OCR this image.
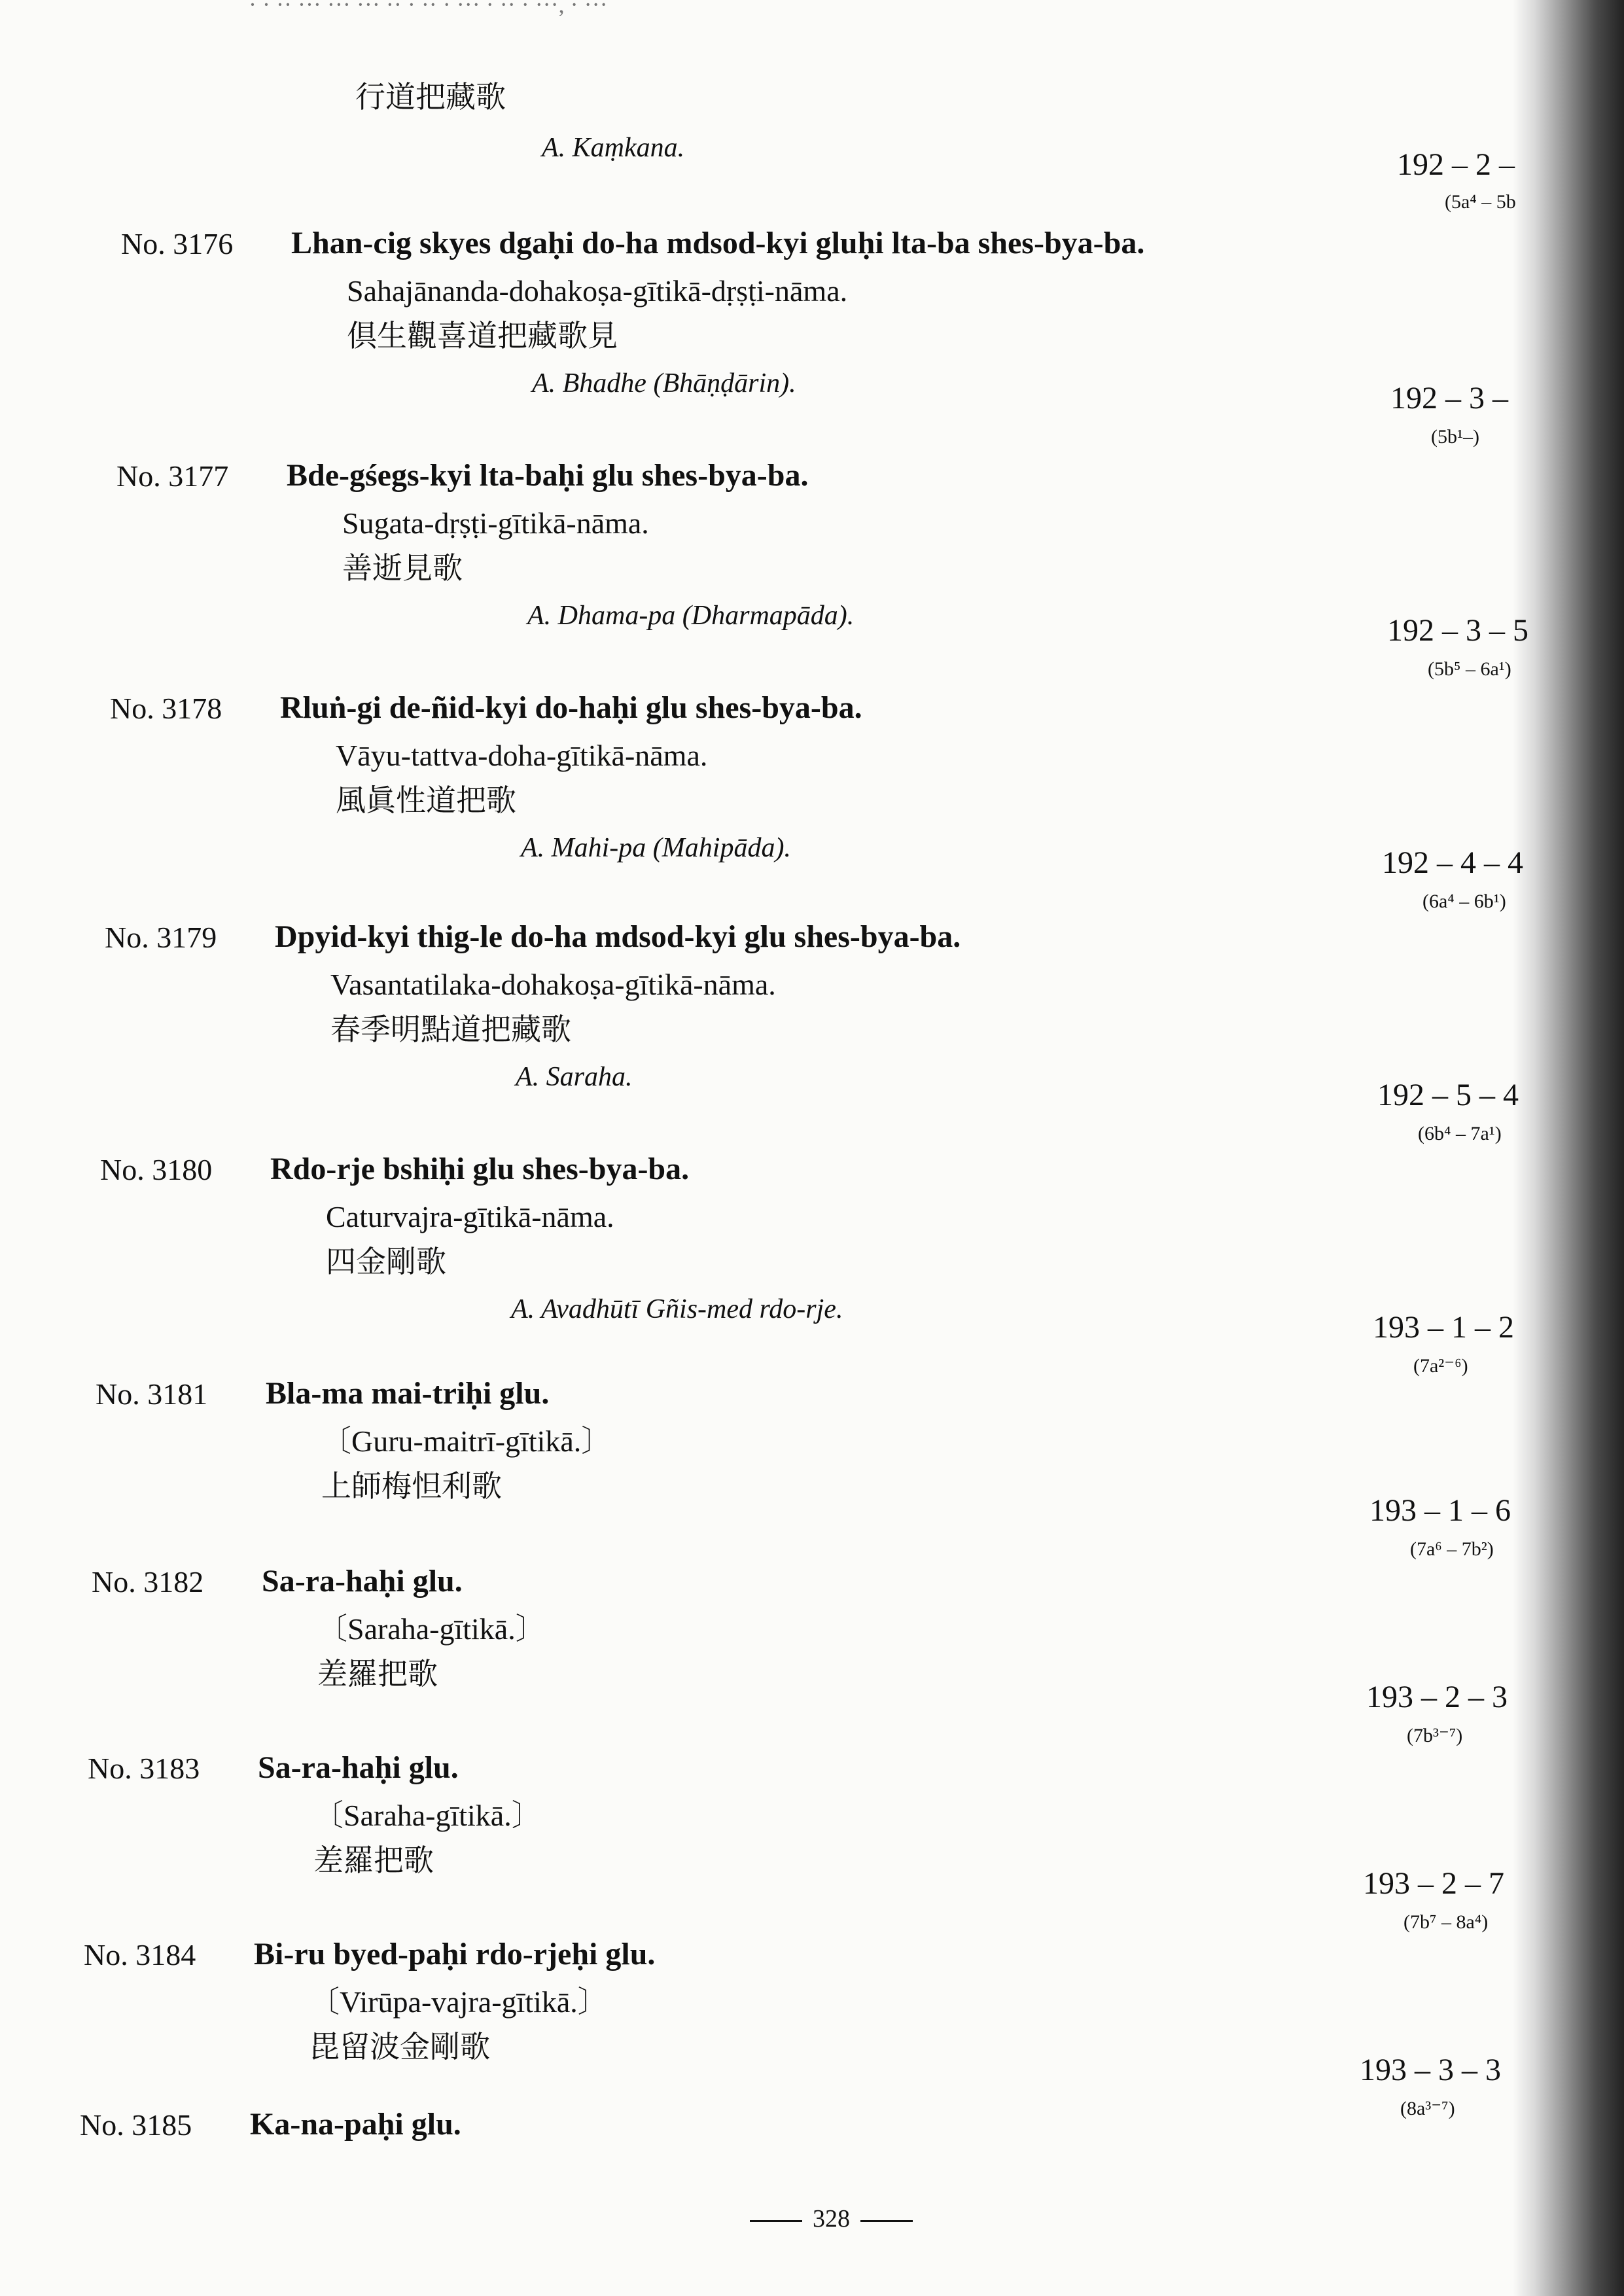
· · ·· ··· ··· ··· ·· · ·· · ··· · ·· · ···, · ···
行道把藏歌
A. Kaṃkana.	192 – 2 –
(5a⁴ – 5b
No. 3176 Lhan-cig skyes dgaḥi do-ha mdsod-kyi gluḥi lta-ba shes-bya-ba.
Sahajānanda-dohakoṣa-gītikā-dṛṣṭi-nāma.
倶生觀喜道把藏歌見
A. Bhadhe (Bhāṇḍārin).	192 – 3 –
(5b¹–)
No. 3177 Bde-gśegs-kyi lta-baḥi glu shes-bya-ba.
Sugata-dṛṣṭi-gītikā-nāma.
善逝見歌
A. Dhama-pa (Dharmapāda).	192 – 3 – 5
(5b⁵ – 6a¹)
No. 3178 Rluṅ-gi de-ñid-kyi do-haḥi glu shes-bya-ba.
Vāyu-tattva-doha-gītikā-nāma.
風眞性道把歌
A. Mahi-pa (Mahipāda).	192 – 4 – 4
(6a⁴ – 6b¹)
No. 3179 Dpyid-kyi thig-le do-ha mdsod-kyi glu shes-bya-ba.
Vasantatilaka-dohakoṣa-gītikā-nāma.
春季明點道把藏歌
A. Saraha.
192 – 5 – 4
(6b⁴ – 7a¹)
No. 3180 Rdo-rje bshiḥi glu shes-bya-ba.
Caturvajra-gītikā-nāma.
四金剛歌
A. Avadhūtī Gñis-med rdo-rje.
193 – 1 – 2
(7a²⁻⁶)
No. 3181 Bla-ma mai-triḥi glu.
〔Guru-maitrī-gītikā.〕
上師梅怛利歌
193 – 1 – 6
(7a⁶ – 7b²)
No. 3182 Sa-ra-haḥi glu.
〔Saraha-gītikā.〕
差羅把歌
193 – 2 – 3
(7b³⁻⁷)
No. 3183 Sa-ra-haḥi glu.
〔Saraha-gītikā.〕
差羅把歌
193 – 2 – 7
(7b⁷ – 8a⁴)
No. 3184 Bi-ru byed-paḥi rdo-rjeḥi glu.
〔Virūpa-vajra-gītikā.〕
毘留波金剛歌
193 – 3 – 3
(8a³⁻⁷)
No. 3185 Ka-na-paḥi glu.
328
